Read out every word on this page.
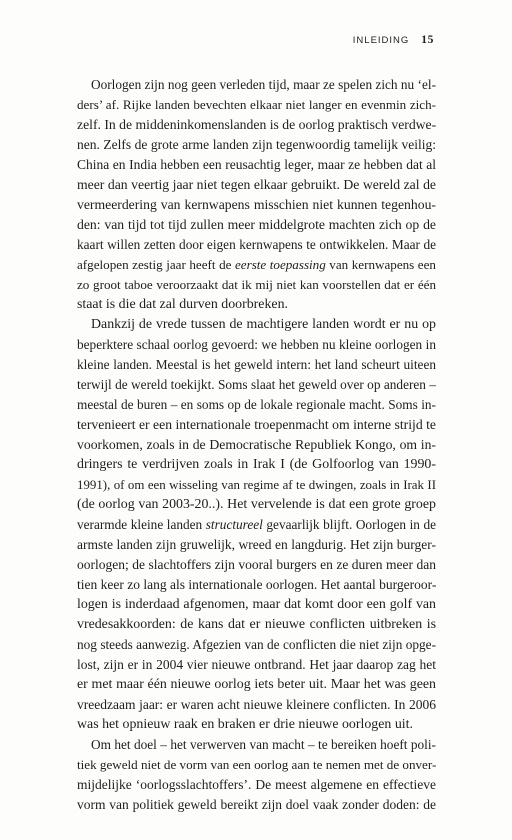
INLEIDING 15
Oorlogen zijn nog geen verleden tijd, maar ze spelen zich nu ‘el-
ders’ af. Rijke landen bevechten elkaar niet langer en evenmin zich-
zelf. In de middeninkomenslanden is de oorlog praktisch verdwe-
nen. Zelfs de grote arme landen zijn tegenwoordig tamelijk veilig:
China en India hebben een reusachtig leger, maar ze hebben dat al
meer dan veertig jaar niet tegen elkaar gebruikt. De wereld zal de
vermeerdering van kernwapens misschien niet kunnen tegenhou-
den: van tijd tot tijd zullen meer middelgrote machten zich op de
kaart willen zetten door eigen kernwapens te ontwikkelen. Maar de
afgelopen zestig jaar heeft de eerste toepassing van kernwapens een
zo groot taboe veroorzaakt dat ik mij niet kan voorstellen dat er één
staat is die dat zal durven doorbreken.
Dankzij de vrede tussen de machtigere landen wordt er nu op
beperktere schaal oorlog gevoerd: we hebben nu kleine oorlogen in
kleine landen. Meestal is het geweld intern: het land scheurt uiteen
terwijl de wereld toekijkt. Soms slaat het geweld over op anderen –
meestal de buren – en soms op de lokale regionale macht. Soms in-
tervenieert er een internationale troepenmacht om interne strijd te
voorkomen, zoals in de Democratische Republiek Kongo, om in-
dringers te verdrijven zoals in Irak I (de Golfoorlog van 1990-
1991), of om een wisseling van regime af te dwingen, zoals in Irak II
(de oorlog van 2003-20..). Het vervelende is dat een grote groep
verarmde kleine landen structureel gevaarlijk blijft. Oorlogen in de
armste landen zijn gruwelijk, wreed en langdurig. Het zijn burger-
oorlogen; de slachtoffers zijn vooral burgers en ze duren meer dan
tien keer zo lang als internationale oorlogen. Het aantal burgeroor-
logen is inderdaad afgenomen, maar dat komt door een golf van
vredesakkoorden: de kans dat er nieuwe conflicten uitbreken is
nog steeds aanwezig. Afgezien van de conflicten die niet zijn opge-
lost, zijn er in 2004 vier nieuwe ontbrand. Het jaar daarop zag het
er met maar één nieuwe oorlog iets beter uit. Maar het was geen
vreedzaam jaar: er waren acht nieuwe kleinere conflicten. In 2006
was het opnieuw raak en braken er drie nieuwe oorlogen uit.
Om het doel – het verwerven van macht – te bereiken hoeft poli-
tiek geweld niet de vorm van een oorlog aan te nemen met de onver-
mijdelijke ‘oorlogsslachtoffers’. De meest algemene en effectieve
vorm van politiek geweld bereikt zijn doel vaak zonder doden: de
